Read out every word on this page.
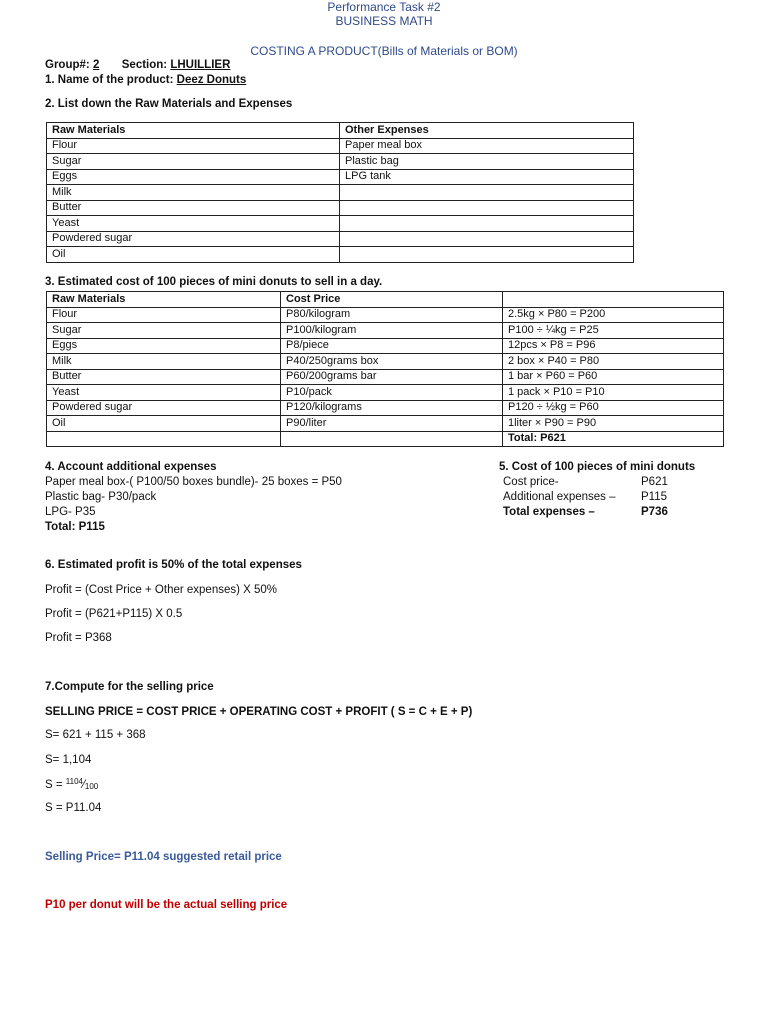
Performance Task #2
BUSINESS MATH
COSTING A PRODUCT(Bills of Materials or BOM)
Group#: 2 Section: LHUILLIER
1. Name of the product: Deez Donuts
2. List down the Raw Materials and Expenses
Raw Materials	Other Expenses
Flour	Paper meal box
Sugar	Plastic bag
Eggs	LPG tank
Milk	
Butter	
Yeast	
Powdered sugar	
Oil	
3. Estimated cost of 100 pieces of mini donuts to sell in a day.
Raw Materials	Cost Price	
Flour	P80/kilogram	2.5kg × P80 = P200
Sugar	P100/kilogram	P100 ÷ ¼kg = P25
Eggs	P8/piece	12pcs × P8 = P96
Milk	P40/250grams box	2 box × P40 = P80
Butter	P60/200grams bar	1 bar × P60 = P60
Yeast	P10/pack	1 pack × P10 = P10
Powdered sugar	P120/kilograms	P120 ÷ ½kg = P60
Oil	P90/liter	1liter × P90 = P90
		Total: P621
4. Account additional expenses
Paper meal box-( P100/50 boxes bundle)- 25 boxes = P50
Plastic bag- P30/pack
LPG- P35
Total: P115
5. Cost of 100 pieces of mini donuts
Cost price-	P621
Additional expenses – P115
Total expenses –	P736
6. Estimated profit is 50% of the total expenses
Profit = (Cost Price + Other expenses) X 50%
Profit = (P621+P115) X 0.5
Profit = P368
7.Compute for the selling price
SELLING PRICE = COST PRICE + OPERATING COST + PROFIT ( S = C + E + P)
S= 621 + 115 + 368
S= 1,104
$S = ^{1104}⁄_{100}$
S = P11.04
Selling Price= P11.04 suggested retail price
P10 per donut will be the actual selling price
